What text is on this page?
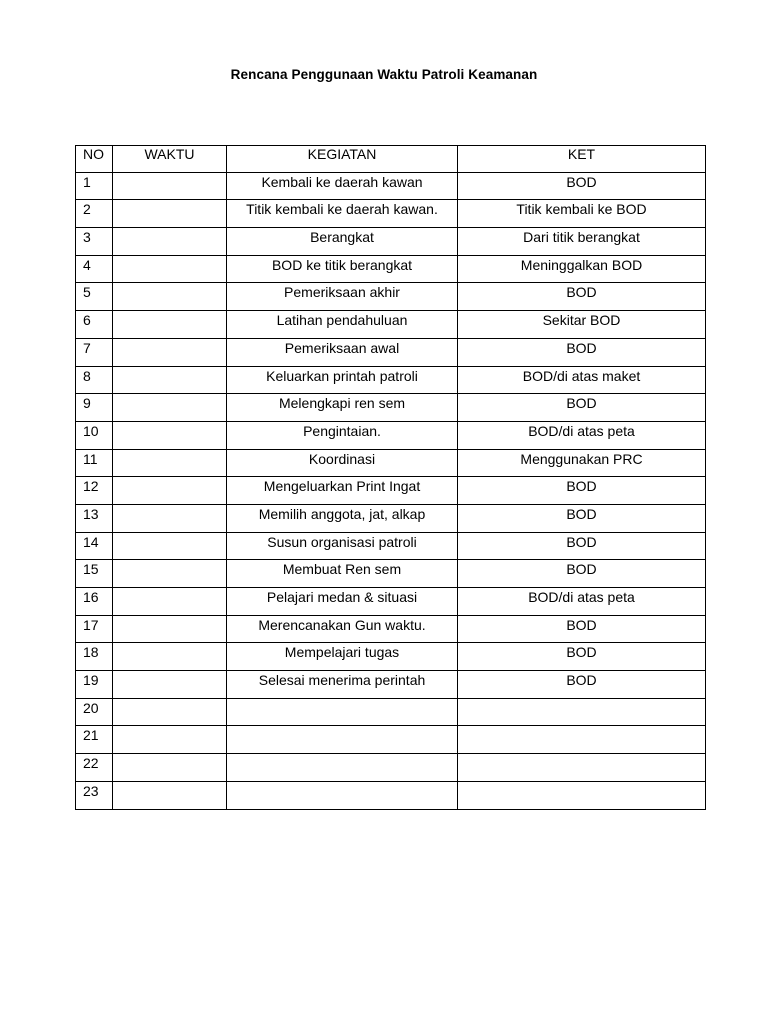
Rencana Penggunaan Waktu Patroli Keamanan
NO	WAKTU	KEGIATAN	KET
1		Kembali ke daerah kawan	BOD
2		Titik kembali ke daerah kawan.	Titik kembali ke BOD
3		Berangkat	Dari titik berangkat
4		BOD ke titik berangkat	Meninggalkan BOD
5		Pemeriksaan akhir	BOD
6		Latihan pendahuluan	Sekitar BOD
7		Pemeriksaan awal	BOD
8		Keluarkan printah patroli	BOD/di atas maket
9		Melengkapi ren sem	BOD
10		Pengintaian.	BOD/di atas peta
11		Koordinasi	Menggunakan PRC
12		Mengeluarkan Print Ingat	BOD
13		Memilih anggota, jat, alkap	BOD
14		Susun organisasi patroli	BOD
15		Membuat Ren sem	BOD
16		Pelajari medan & situasi	BOD/di atas peta
17		Merencanakan Gun waktu.	BOD
18		Mempelajari tugas	BOD
19		Selesai menerima perintah	BOD
20			
21			
22			
23			
